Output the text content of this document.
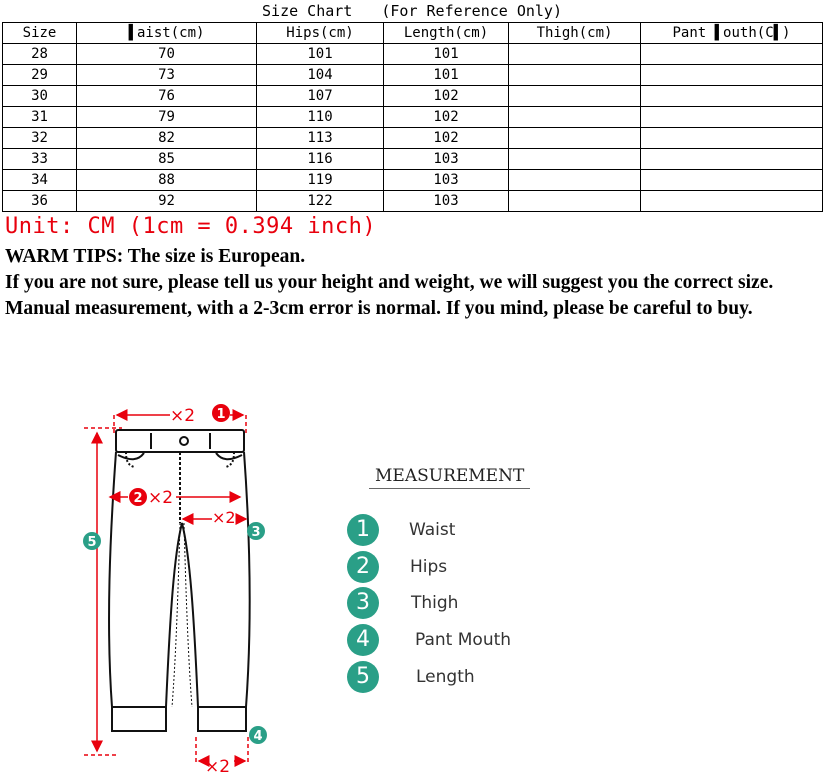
Size Chart (For Reference Only)
Size	▌aist(cm)	Hips(cm)	Length(cm)	Thigh(cm)	Pant ▌outh(C▌)
28	70	101	101		
29	73	104	101		
30	76	107	102		
31	79	110	102		
32	82	113	102		
33	85	116	103		
34	88	119	103		
36	92	122	103		
Unit: CM (1cm = 0.394 inch)
WARM TIPS: The size is European.
If you are not sure, please tell us your height and weight, we will suggest you the correct size.
Manual measurement, with a 2-3cm error is normal. If you mind, please be careful to buy.
×2
×2
×2
×2
1
2
3
4
5
MEASUREMENT
1	Waist
2	Hips
3	Thigh
4	Pant Mouth
5	Length
